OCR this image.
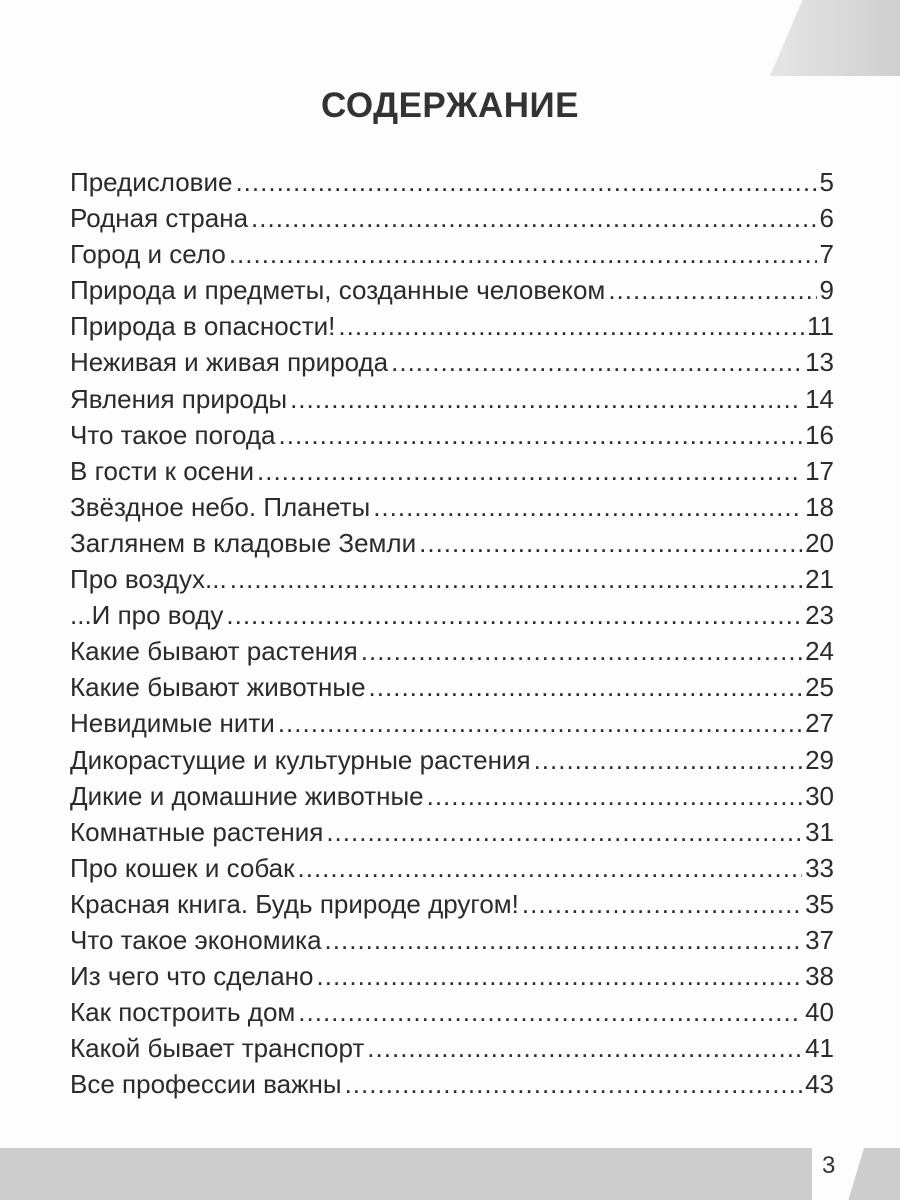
3
СОДЕРЖАНИЕ
Предисловие .....	5
Родная страна .....	6
Город и село .....	7
Природа и предметы, созданные человеком .....	9
Природа в опасности! .....	11
Неживая и живая природа .....	13
Явления природы .....	14
Что такое погода .....	16
В гости к осени .....	17
Звёздное небо. Планеты .....	18
Заглянем в кладовые Земли .....	20
Про воздух... .....	21
...И про воду .....	23
Какие бывают растения .....	24
Какие бывают животные .....	25
Невидимые нити .....	27
Дикорастущие и культурные растения .....	29
Дикие и домашние животные .....	30
Комнатные растения .....	31
Про кошек и собак .....	33
Красная книга. Будь природе другом! .....	35
Что такое экономика .....	37
Из чего что сделано .....	38
Как построить дом .....	40
Какой бывает транспорт .....	41
Все профессии важны .....	43
